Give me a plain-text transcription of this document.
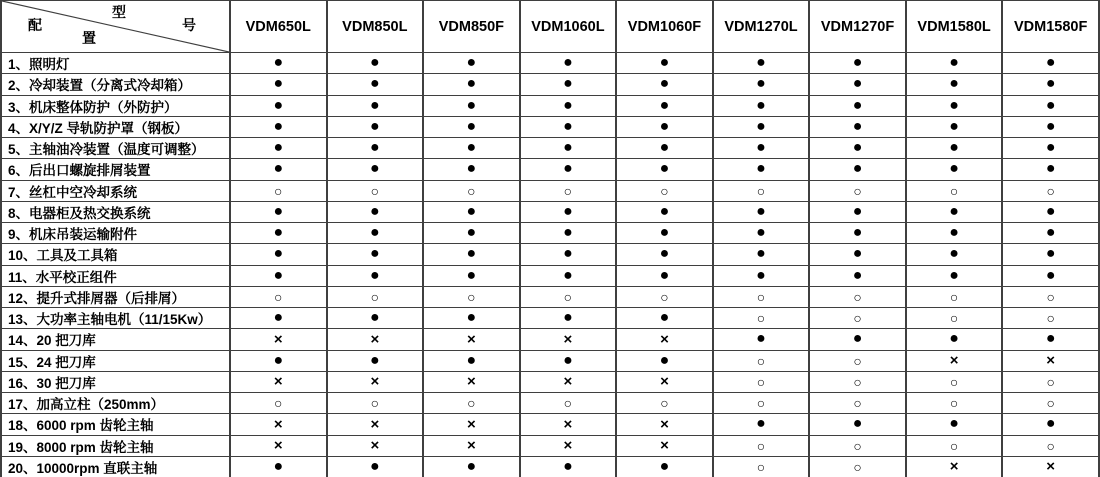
型
号
配
置	VDM650L	VDM850L	VDM850F	VDM1060L	VDM1060F	VDM1270L	VDM1270F	VDM1580L	VDM1580F
1、照明灯	●	●	●	●	●	●	●	●	●
2、冷却装置（分离式冷却箱）	●	●	●	●	●	●	●	●	●
3、机床整体防护（外防护）	●	●	●	●	●	●	●	●	●
4、X/Y/Z 导轨防护罩（钢板）	●	●	●	●	●	●	●	●	●
5、主轴油冷装置（温度可调整）	●	●	●	●	●	●	●	●	●
6、后出口螺旋排屑装置	●	●	●	●	●	●	●	●	●
7、丝杠中空冷却系统	○	○	○	○	○	○	○	○	○
8、电器柜及热交换系统	●	●	●	●	●	●	●	●	●
9、机床吊装运输附件	●	●	●	●	●	●	●	●	●
10、工具及工具箱	●	●	●	●	●	●	●	●	●
11、水平校正组件	●	●	●	●	●	●	●	●	●
12、提升式排屑器（后排屑）	○	○	○	○	○	○	○	○	○
13、大功率主轴电机（11/15Kw）	●	●	●	●	●	○	○	○	○
14、20 把刀库	×	×	×	×	×	●	●	●	●
15、24 把刀库	●	●	●	●	●	○	○	×	×
16、30 把刀库	×	×	×	×	×	○	○	○	○
17、加高立柱（250mm）	○	○	○	○	○	○	○	○	○
18、6000 rpm 齿轮主轴	×	×	×	×	×	●	●	●	●
19、8000 rpm 齿轮主轴	×	×	×	×	×	○	○	○	○
20、10000rpm 直联主轴	●	●	●	●	●	○	○	×	×
